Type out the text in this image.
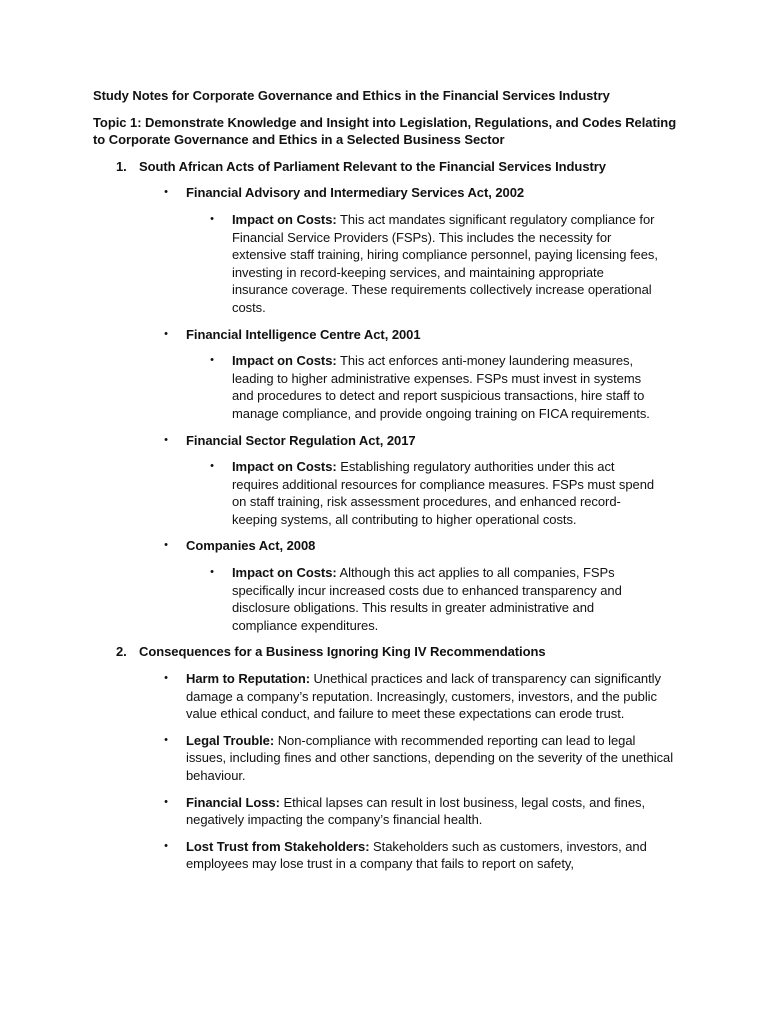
Study Notes for Corporate Governance and Ethics in the Financial Services Industry
Topic 1: Demonstrate Knowledge and Insight into Legislation, Regulations, and Codes Relating to Corporate Governance and Ethics in a Selected Business Sector
1. South African Acts of Parliament Relevant to the Financial Services Industry
• Financial Advisory and Intermediary Services Act, 2002
• Impact on Costs: This act mandates significant regulatory compliance for Financial Service Providers (FSPs). This includes the necessity for extensive staff training, hiring compliance personnel, paying licensing fees, investing in record-keeping services, and maintaining appropriate insurance coverage. These requirements collectively increase operational costs.
• Financial Intelligence Centre Act, 2001
• Impact on Costs: This act enforces anti-money laundering measures, leading to higher administrative expenses. FSPs must invest in systems and procedures to detect and report suspicious transactions, hire staff to manage compliance, and provide ongoing training on FICA requirements.
• Financial Sector Regulation Act, 2017
• Impact on Costs: Establishing regulatory authorities under this act requires additional resources for compliance measures. FSPs must spend on staff training, risk assessment procedures, and enhanced record-keeping systems, all contributing to higher operational costs.
• Companies Act, 2008
• Impact on Costs: Although this act applies to all companies, FSPs specifically incur increased costs due to enhanced transparency and disclosure obligations. This results in greater administrative and compliance expenditures.
2. Consequences for a Business Ignoring King IV Recommendations
• Harm to Reputation: Unethical practices and lack of transparency can significantly damage a company’s reputation. Increasingly, customers, investors, and the public value ethical conduct, and failure to meet these expectations can erode trust.
• Legal Trouble: Non-compliance with recommended reporting can lead to legal issues, including fines and other sanctions, depending on the severity of the unethical behaviour.
• Financial Loss: Ethical lapses can result in lost business, legal costs, and fines, negatively impacting the company’s financial health.
• Lost Trust from Stakeholders: Stakeholders such as customers, investors, and employees may lose trust in a company that fails to report on safety,
